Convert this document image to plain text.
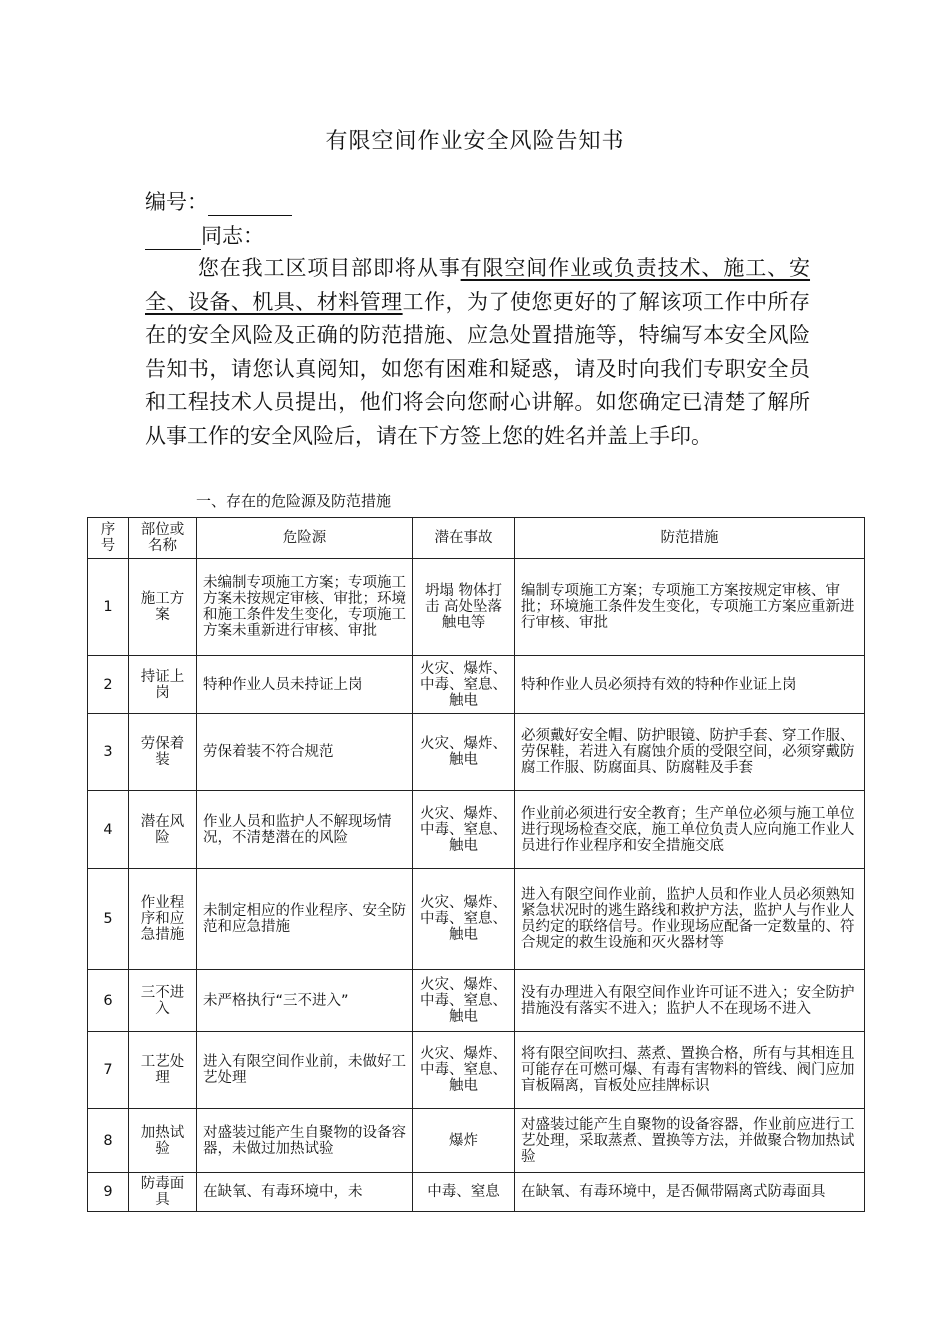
有限空间作业安全风险告知书
编号：
同志：
您在我工区项目部即将从事有限空间作业或负责技术、施工、安全、设备、机具、材料管理工作，为了使您更好的了解该项工作中所存在的安全风险及正确的防范措施、应急处置措施等，特编写本安全风险告知书，请您认真阅知，如您有困难和疑惑，请及时向我们专职安全员和工程技术人员提出，他们将会向您耐心讲解。如您确定已清楚了解所从事工作的安全风险后，请在下方签上您的姓名并盖上手印。
一、存在的危险源及防范措施
序号	部位或名称	危险源	潜在事故	防范措施
1	施工方案	未编制专项施工方案；专项施工方案未按规定审核、审批；环境和施工条件发生变化，专项施工方案未重新进行审核、审批	坍塌 物体打击 高处坠落 触电等	编制专项施工方案；专项施工方案按规定审核、审批；环境施工条件发生变化，专项施工方案应重新进行审核、审批
2	持证上岗	特种作业人员未持证上岗	火灾、爆炸、中毒、窒息、触电	特种作业人员必须持有效的特种作业证上岗
3	劳保着装	劳保着装不符合规范	火灾、爆炸、触电	必须戴好安全帽、防护眼镜、防护手套、穿工作服、劳保鞋，若进入有腐蚀介质的受限空间，必须穿戴防腐工作服、防腐面具、防腐鞋及手套
4	潜在风险	作业人员和监护人不解现场情况，不清楚潜在的风险	火灾、爆炸、中毒、窒息、触电	作业前必须进行安全教育；生产单位必须与施工单位进行现场检查交底，施工单位负责人应向施工作业人员进行作业程序和安全措施交底
5	作业程序和应急措施	未制定相应的作业程序、安全防范和应急措施	火灾、爆炸、中毒、窒息、触电	进入有限空间作业前，监护人员和作业人员必须熟知紧急状况时的逃生路线和救护方法，监护人与作业人员约定的联络信号。作业现场应配备一定数量的、符合规定的救生设施和灭火器材等
6	三不进入	未严格执行“三不进入”	火灾、爆炸、中毒、窒息、触电	没有办理进入有限空间作业许可证不进入；安全防护措施没有落实不进入；监护人不在现场不进入
7	工艺处理	进入有限空间作业前，未做好工艺处理	火灾、爆炸、中毒、窒息、触电	将有限空间吹扫、蒸煮、置换合格，所有与其相连且可能存在可燃可爆、有毒有害物料的管线、阀门应加盲板隔离，盲板处应挂牌标识
8	加热试验	对盛装过能产生自聚物的设备容器，未做过加热试验	爆炸	对盛装过能产生自聚物的设备容器，作业前应进行工艺处理，采取蒸煮、置换等方法，并做聚合物加热试验
9	防毒面具	在缺氧、有毒环境中，未	中毒、窒息	在缺氧、有毒环境中，是否佩带隔离式防毒面具
